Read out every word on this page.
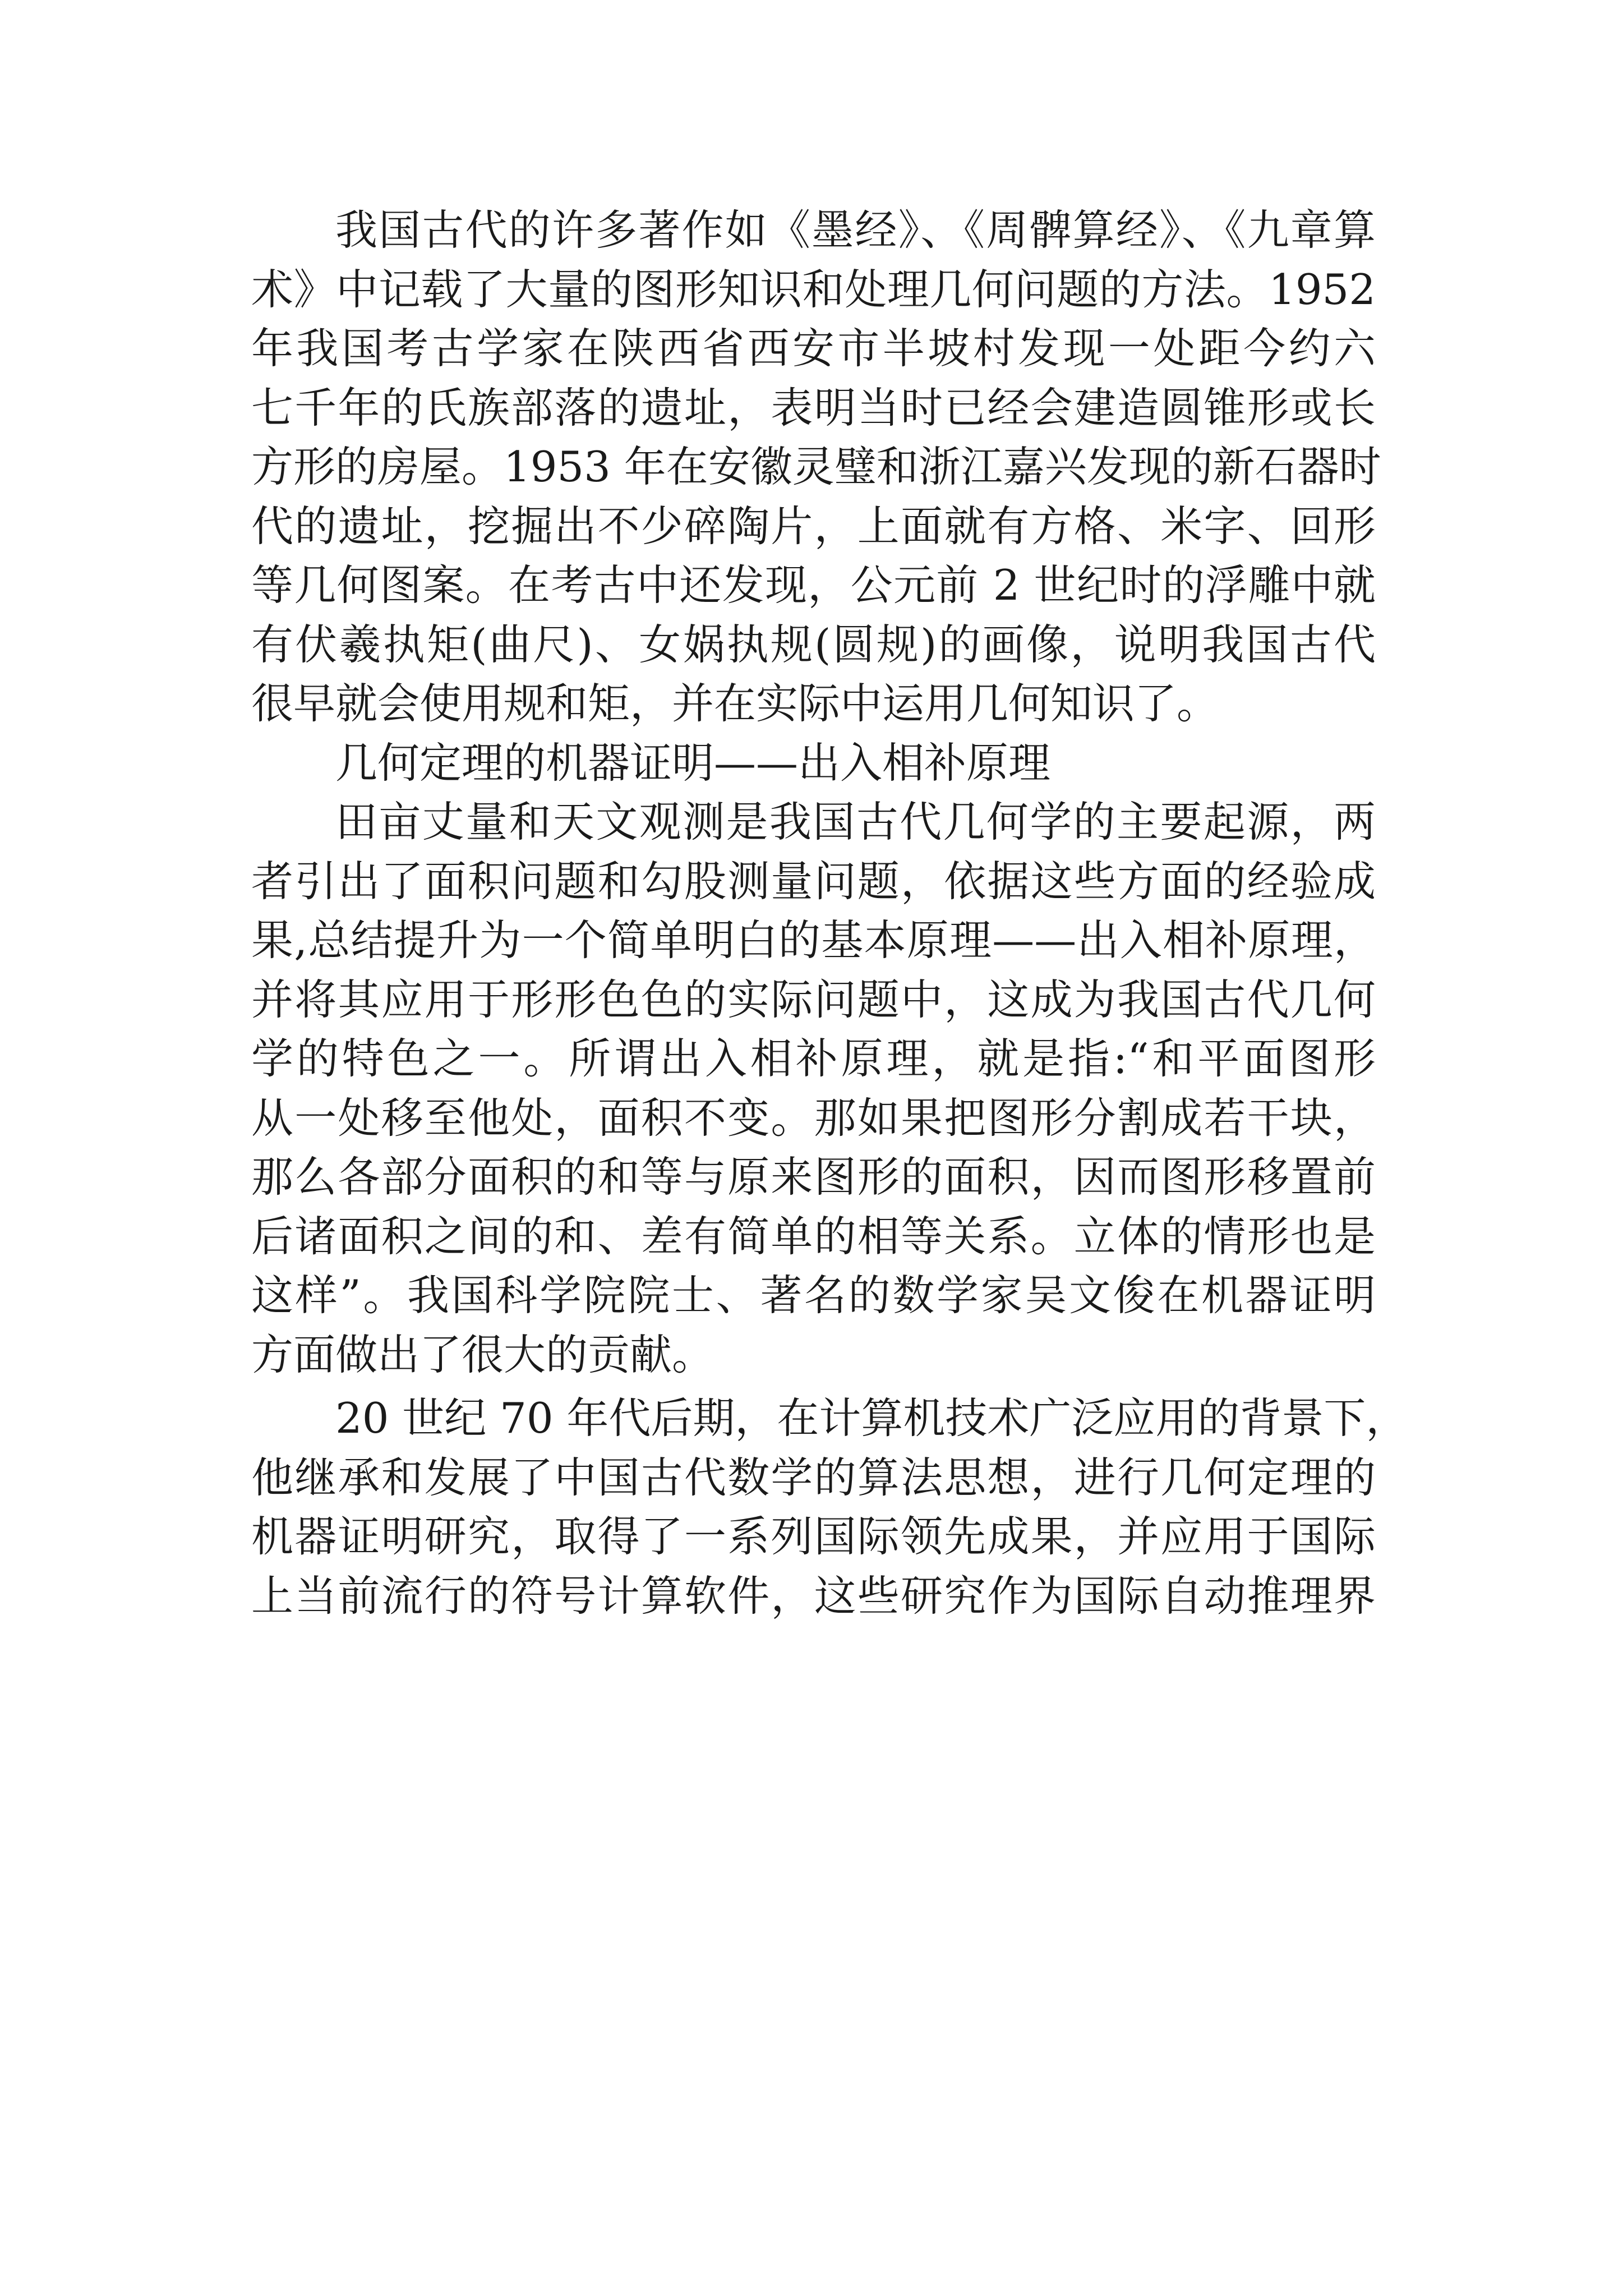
我国古代的许多著作如《墨经》、《周髀算经》、《九章算
术》中记载了大量的图形知识和处理几何问题的方法。1952
年我国考古学家在陕西省西安市半坡村发现一处距今约六
七千年的氏族部落的遗址，表明当时已经会建造圆锥形或长
方形的房屋。1953 年在安徽灵璧和浙江嘉兴发现的新石器时
代的遗址，挖掘出不少碎陶片，上面就有方格、米字、回形
等几何图案。在考古中还发现，公元前 2 世纪时的浮雕中就
有伏羲执矩(曲尺)、女娲执规(圆规)的画像，说明我国古代
很早就会使用规和矩，并在实际中运用几何知识了。
几何定理的机器证明——出入相补原理
田亩丈量和天文观测是我国古代几何学的主要起源，两
者引出了面积问题和勾股测量问题，依据这些方面的经验成
果,总结提升为一个简单明白的基本原理——出入相补原理，
并将其应用于形形色色的实际问题中，这成为我国古代几何
学的特色之一。所谓出入相补原理，就是指:“和平面图形
从一处移至他处，面积不变。那如果把图形分割成若干块，
那么各部分面积的和等与原来图形的面积，因而图形移置前
后诸面积之间的和、差有简单的相等关系。立体的情形也是
这样”。我国科学院院士、著名的数学家吴文俊在机器证明
方面做出了很大的贡献。
20 世纪 70 年代后期，在计算机技术广泛应用的背景下，
他继承和发展了中国古代数学的算法思想，进行几何定理的
机器证明研究，取得了一系列国际领先成果，并应用于国际
上当前流行的符号计算软件，这些研究作为国际自动推理界
